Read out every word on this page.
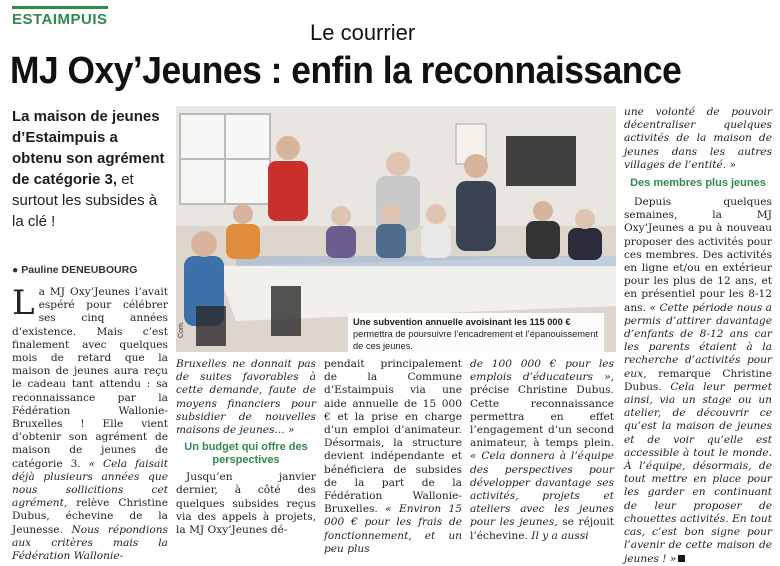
ESTAIMPUIS
Le courrier
MJ Oxy’Jeunes : enfin la reconnaissance
La maison de jeunes d’Estaimpuis a obtenu son agrément de catégorie 3, et surtout les subsides à la clé !
● Pauline DENEUBOURG
La MJ Oxy’Jeunes l’avait espéré pour célébrer ses cinq années d’existence. Mais c’est finalement avec quelques mois de retard que la maison de jeunes aura reçu le cadeau tant attendu : sa reconnaissance par la Fédération Wallonie-Bruxelles ! Elle vient d’obtenir son agrément de maison de jeunes de catégorie 3. « Cela faisait déjà plusieurs années que nous sollicitions cet agrément, relève Christine Dubus, échevine de la Jeunesse. Nous répondions aux critères mais la Fédération Wallonie-
Com.	Une subvention annuelle avoisinant les 115 000 € permettra de poursuivre l’encadrement et l’épanouissement de ces jeunes.
Bruxelles ne donnait pas de suites favorables à cette demande, faute de moyens financiers pour subsidier de nouvelles maisons de jeunes... »
Un budget qui offre des perspectives
Jusqu’en janvier dernier, à côté des quelques subsides reçus via des appels à projets, la MJ Oxy’Jeunes dé-
pendait principalement de la Commune d’Estaimpuis via une aide annuelle de 15 000 € et la prise en charge d’un emploi d’animateur. Désormais, la structure devient indépendante et bénéficiera de subsides de la part de la Fédération Wallonie-Bruxelles. « Environ 15 000 € pour les frais de fonctionnement, et un peu plus
de 100 000 € pour les emplois d’éducateurs », précise Christine Dubus. Cette reconnaissance permettra en effet l’engagement d’un second animateur, à temps plein. « Cela donnera à l’équipe des perspectives pour développer davantage ses activités, projets et ateliers avec les jeunes pour les jeunes, se réjouit l’échevine. Il y a aussi
une volonté de pouvoir décentraliser quelques activités de la maison de jeunes dans les autres villages de l’entité. »
Des membres plus jeunes
Depuis quelques semaines, la MJ Oxy’Jeunes a pu à nouveau proposer des activités pour ces membres. Des activités en ligne et/ou en extérieur pour les plus de 12 ans, et en présentiel pour les 8-12 ans. « Cette période nous a permis d’attirer davantage d’enfants de 8-12 ans car les parents étaient à la recherche d’activités pour eux, remarque Christine Dubus. Cela leur permet ainsi, via un stage ou un atelier, de découvrir ce qu’est la maison de jeunes et de voir qu’elle est accessible à tout le monde. À l’équipe, désormais, de tout mettre en place pour les garder en continuant de leur proposer de chouettes activités. En tout cas, c’est bon signe pour l’avenir de cette maison de jeunes ! »
